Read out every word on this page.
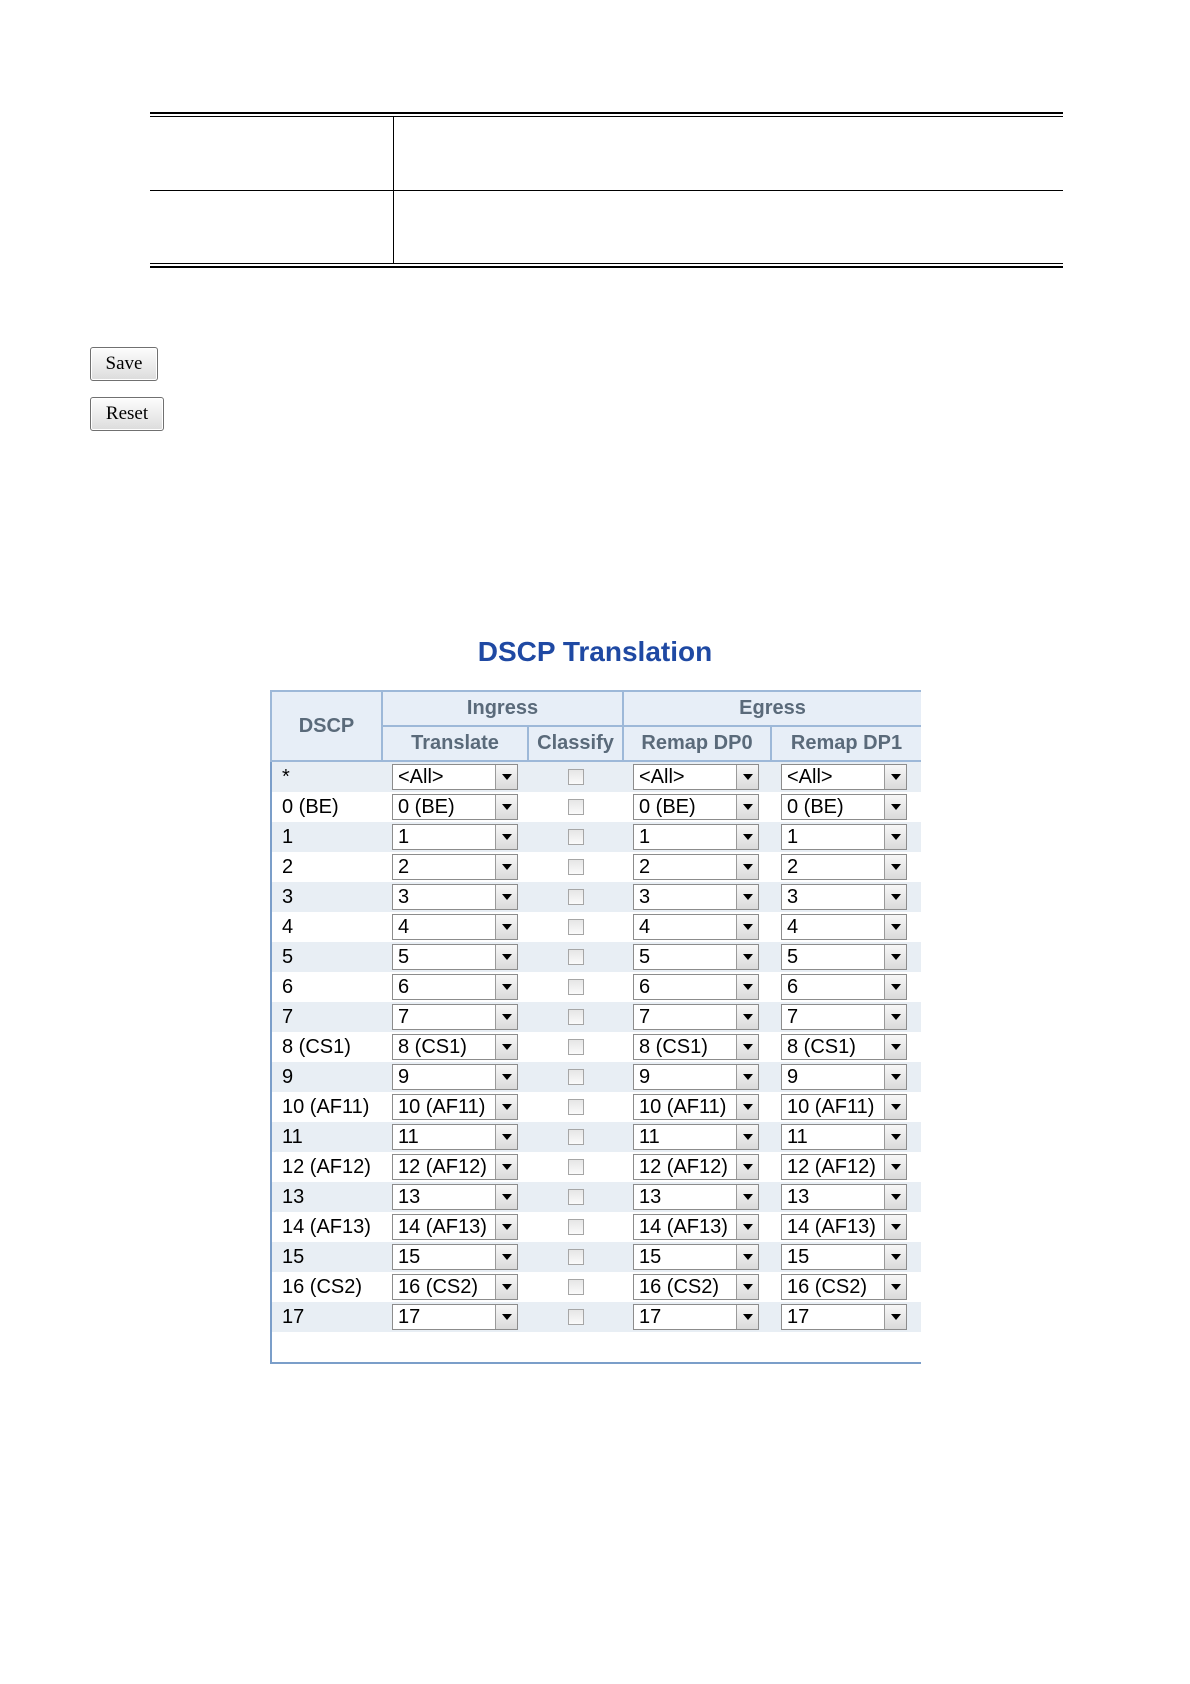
Save
Reset
DSCP Translation
DSCP	Ingress		Egress	
	Translate	Classify	Remap DP0	Remap DP1
*	<All>		<All>	<All>

0 (BE)	0 (BE)		0 (BE)	0 (BE)

1	1		1	1

2	2		2	2

3	3		3	3

4	4		4	4

5	5		5	5

6	6		6	6

7	7		7	7

8 (CS1)	8 (CS1)		8 (CS1)	8 (CS1)

9	9		9	9

10 (AF11)	10 (AF11)		10 (AF11)	10 (AF11)

11	11		11	11

12 (AF12)	12 (AF12)		12 (AF12)	12 (AF12)

13	13		13	13

14 (AF13)	14 (AF13)		14 (AF13)	14 (AF13)

15	15		15	15

16 (CS2)	16 (CS2)		16 (CS2)	16 (CS2)

17	17		17	17
